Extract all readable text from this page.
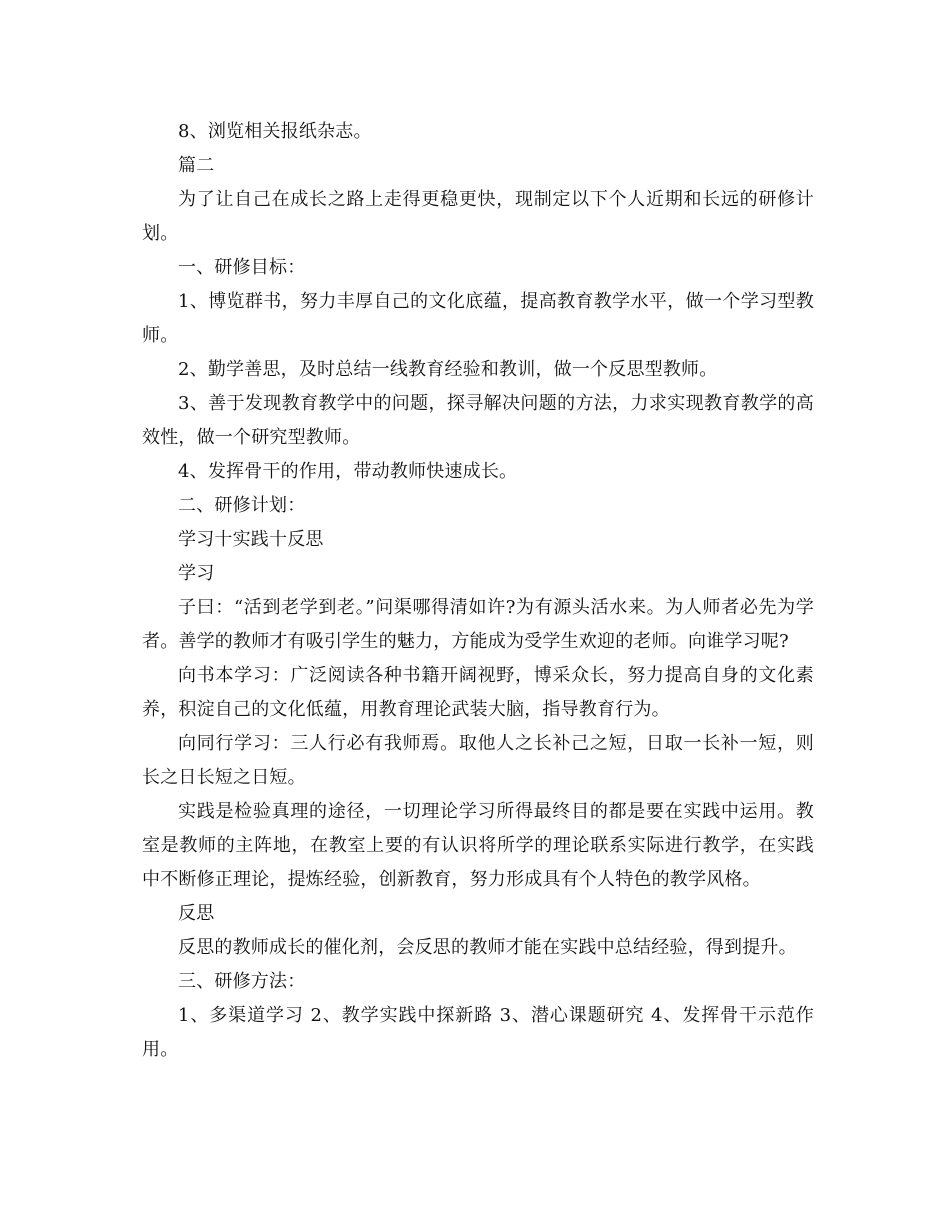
8、浏览相关报纸杂志。

篇二

为了让自己在成长之路上走得更稳更快，现制定以下个人近期和长远的研修计划。

一、研修目标：

1、博览群书，努力丰厚自己的文化底蕴，提高教育教学水平，做一个学习型教师。

2、勤学善思，及时总结一线教育经验和教训，做一个反思型教师。

3、善于发现教育教学中的问题，探寻解决问题的方法，力求实现教育教学的高效性，做一个研究型教师。

4、发挥骨干的作用，带动教师快速成长。

二、研修计划：

学习十实践十反思

学习

子曰：“活到老学到老。”问渠哪得清如许?为有源头活水来。为人师者必先为学者。善学的教师才有吸引学生的魅力，方能成为受学生欢迎的老师。向谁学习呢?

向书本学习：广泛阅读各种书籍开阔视野，博采众长，努力提高自身的文化素养，积淀自己的文化低蕴，用教育理论武装大脑，指导教育行为。

向同行学习：三人行必有我师焉。取他人之长补己之短，日取一长补一短，则长之日长短之日短。

实践是检验真理的途径，一切理论学习所得最终目的都是要在实践中运用。教室是教师的主阵地，在教室上要的有认识将所学的理论联系实际进行教学，在实践中不断修正理论，提炼经验，创新教育，努力形成具有个人特色的教学风格。

反思

反思的教师成长的催化剂，会反思的教师才能在实践中总结经验，得到提升。

三、研修方法：

1、多渠道学习 2、教学实践中探新路 3、潜心课题研究 4、发挥骨干示范作用。
